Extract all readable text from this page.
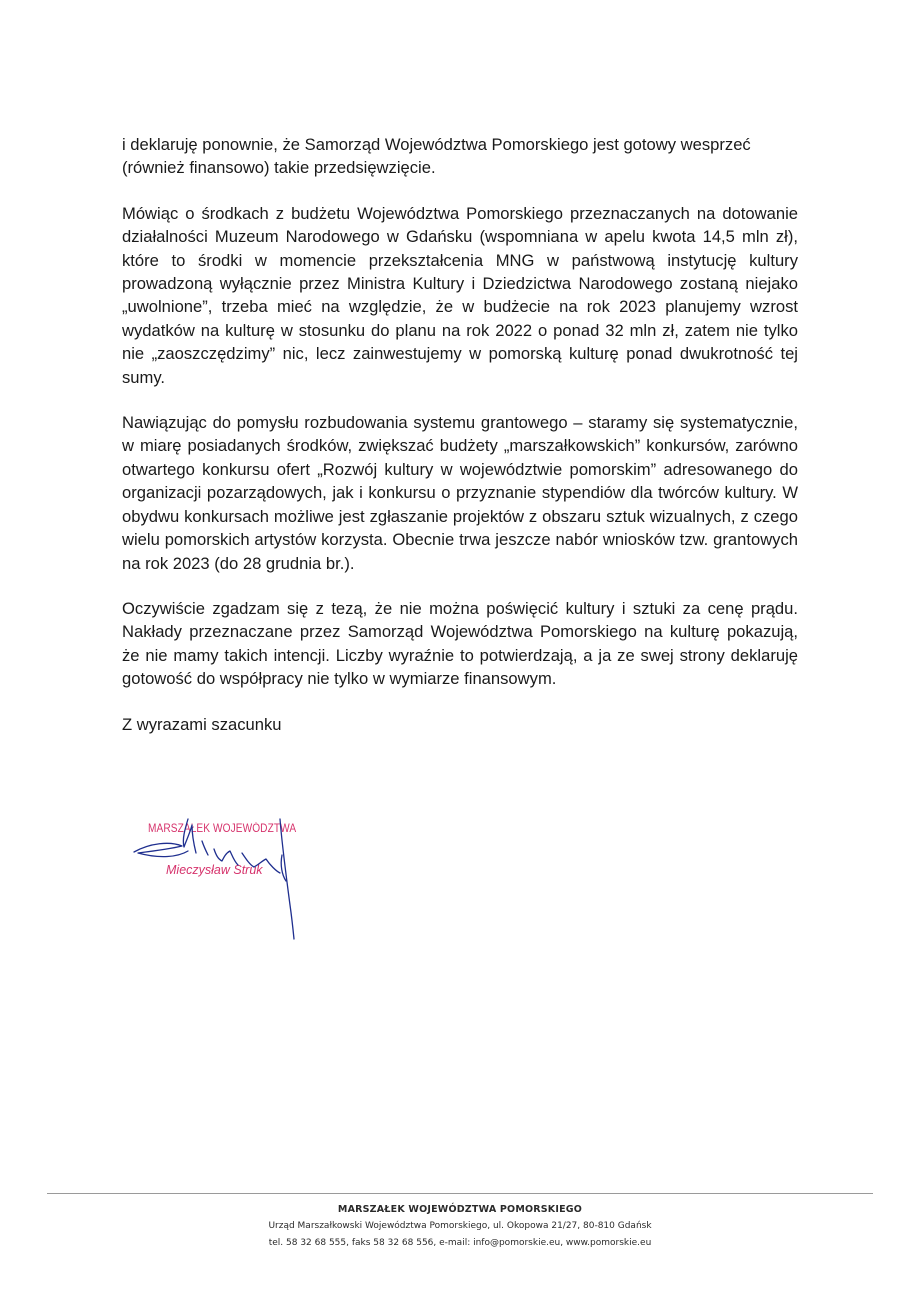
i deklaruję ponownie, że Samorząd Województwa Pomorskiego jest gotowy wesprzeć (również finansowo) takie przedsięwzięcie.

Mówiąc o środkach z budżetu Województwa Pomorskiego przeznaczanych na dotowanie działalności Muzeum Narodowego w Gdańsku (wspomniana w apelu kwota 14,5 mln zł), które to środki w momencie przekształcenia MNG w państwową instytucję kultury prowadzoną wyłącznie przez Ministra Kultury i Dziedzictwa Narodowego zostaną niejako „uwolnione”, trzeba mieć na względzie, że w budżecie na rok 2023 planujemy wzrost wydatków na kulturę w stosunku do planu na rok 2022 o ponad 32 mln zł, zatem nie tylko nie „zaoszczędzimy” nic, lecz zainwestujemy w pomorską kulturę ponad dwukrotność tej sumy.

Nawiązując do pomysłu rozbudowania systemu grantowego – staramy się systematycznie, w miarę posiadanych środków, zwiększać budżety „marszałkowskich” konkursów, zarówno otwartego konkursu ofert „Rozwój kultury w województwie pomorskim” adresowanego do organizacji pozarządowych, jak i konkursu o przyznanie stypendiów dla twórców kultury. W obydwu konkursach możliwe jest zgłaszanie projektów z obszaru sztuk wizualnych, z czego wielu pomorskich artystów korzysta. Obecnie trwa jeszcze nabór wniosków tzw. grantowych na rok 2023 (do 28 grudnia br.).

Oczywiście zgadzam się z tezą, że nie można poświęcić kultury i sztuki za cenę prądu. Nakłady przeznaczane przez Samorząd Województwa Pomorskiego na kulturę pokazują, że nie mamy takich intencji. Liczby wyraźnie to potwierdzają, a ja ze swej strony deklaruję gotowość do współpracy nie tylko w wymiarze finansowym.

Z wyrazami szacunku

MARSZAŁEK WOJEWÓDZTWA
Mieczysław Struk
MARSZAŁEK WOJEWÓDZTWA POMORSKIEGO
Urząd Marszałkowski Województwa Pomorskiego, ul. Okopowa 21/27, 80-810 Gdańsk
tel. 58 32 68 555, faks 58 32 68 556, e-mail: info@pomorskie.eu, www.pomorskie.eu
